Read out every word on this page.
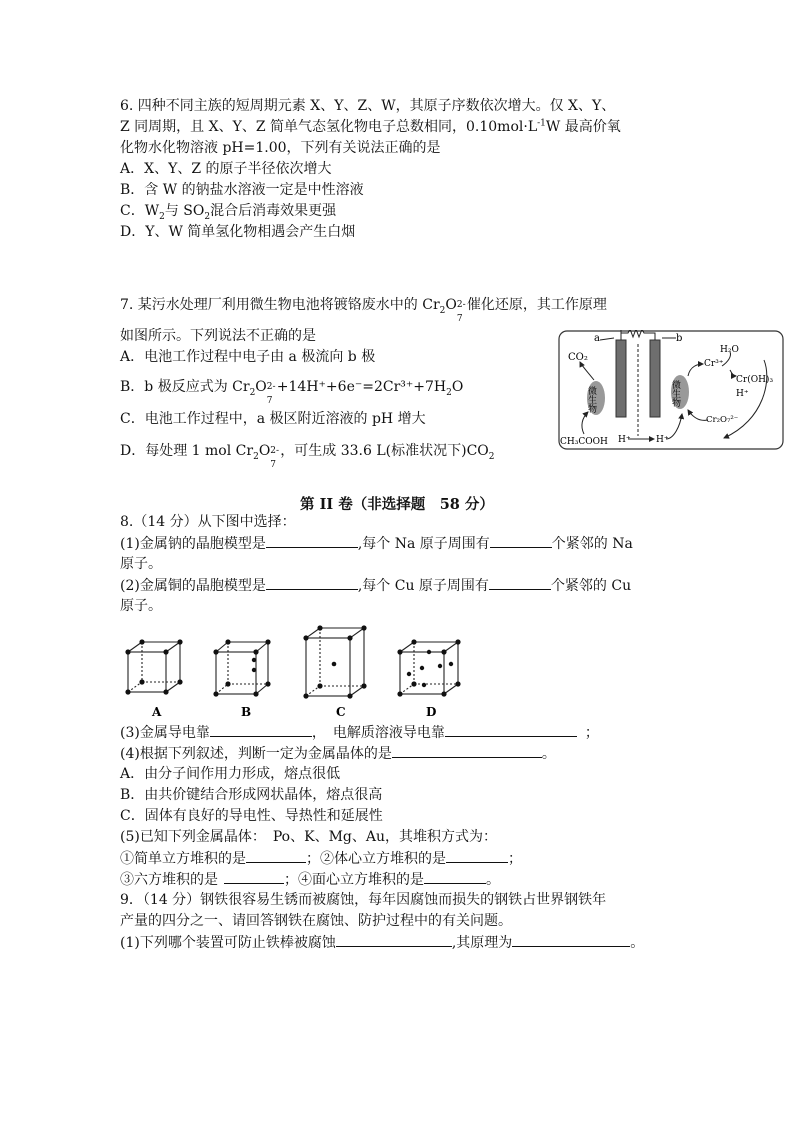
6. 四种不同主族的短周期元素 X、Y、Z、W，其原子序数依次增大。仅 X、Y、
Z 同周期，且 X、Y、Z 简单气态氢化物电子总数相同，$0.10mol\cdot L^{-1}W$ 最高价氧
化物水化物溶液 pH=1.00，下列有关说法正确的是
A．X、Y、Z 的原子半径依次增大
B．含 W 的钠盐水溶液一定是中性溶液
C．$W_2$与 $SO_2$混合后消毒效果更强
D．Y、W 简单氢化物相遇会产生白烟
7. 某污水处理厂利用微生物电池将镀铬废水中的 $Cr_2O$ 2-
7
催化还原，其工作原理
如图所示。下列说法不正确的是
A．电池工作过程中电子由 a 极流向 b 极
B．b 极反应式为 $Cr_2O$ 2-
7
$+14H^++6e^-=2Cr^{3+}+7H_2O$
C．电池工作过程中，a 极区附近溶液的 pH 增大
D．每处理 1 mol $Cr_2O$ 2-
7
，可生成 33.6 L(标准状况下)$CO_2$
a	b
CO₂
微生物	微生物
Cr³⁺
H₂O
Cr(OH)₃
H⁺
Cr₂O₇²⁻
CH₃COOH H⁺	H⁺
第 II 卷（非选择题　58 分）
8.（14 分）从下图中选择：
(1)金属钠的晶胞模型是	,每个 Na 原子周围有	个紧邻的 Na
原子。
(2)金属铜的晶胞模型是	,每个 Cu 原子周围有	个紧邻的 Cu
原子。
A	B	C	D
(3)金属导电靠	，　电解质溶液导电靠	；
(4)根据下列叙述，判断一定为金属晶体的是	。
A．由分子间作用力形成，熔点很低
B．由共价键结合形成网状晶体，熔点很高
C．固体有良好的导电性、导热性和延展性
(5)已知下列金属晶体：　Po、K、Mg、Au，其堆积方式为：
①简单立方堆积的是	；②体心立方堆积的是	；
③六方堆积的是	；④面心立方堆积的是	。
9．（14 分）钢铁很容易生锈而被腐蚀，每年因腐蚀而损失的钢铁占世界钢铁年
产量的四分之一、请回答钢铁在腐蚀、防护过程中的有关问题。
(1)下列哪个装置可防止铁棒被腐蚀	,其原理为	。
